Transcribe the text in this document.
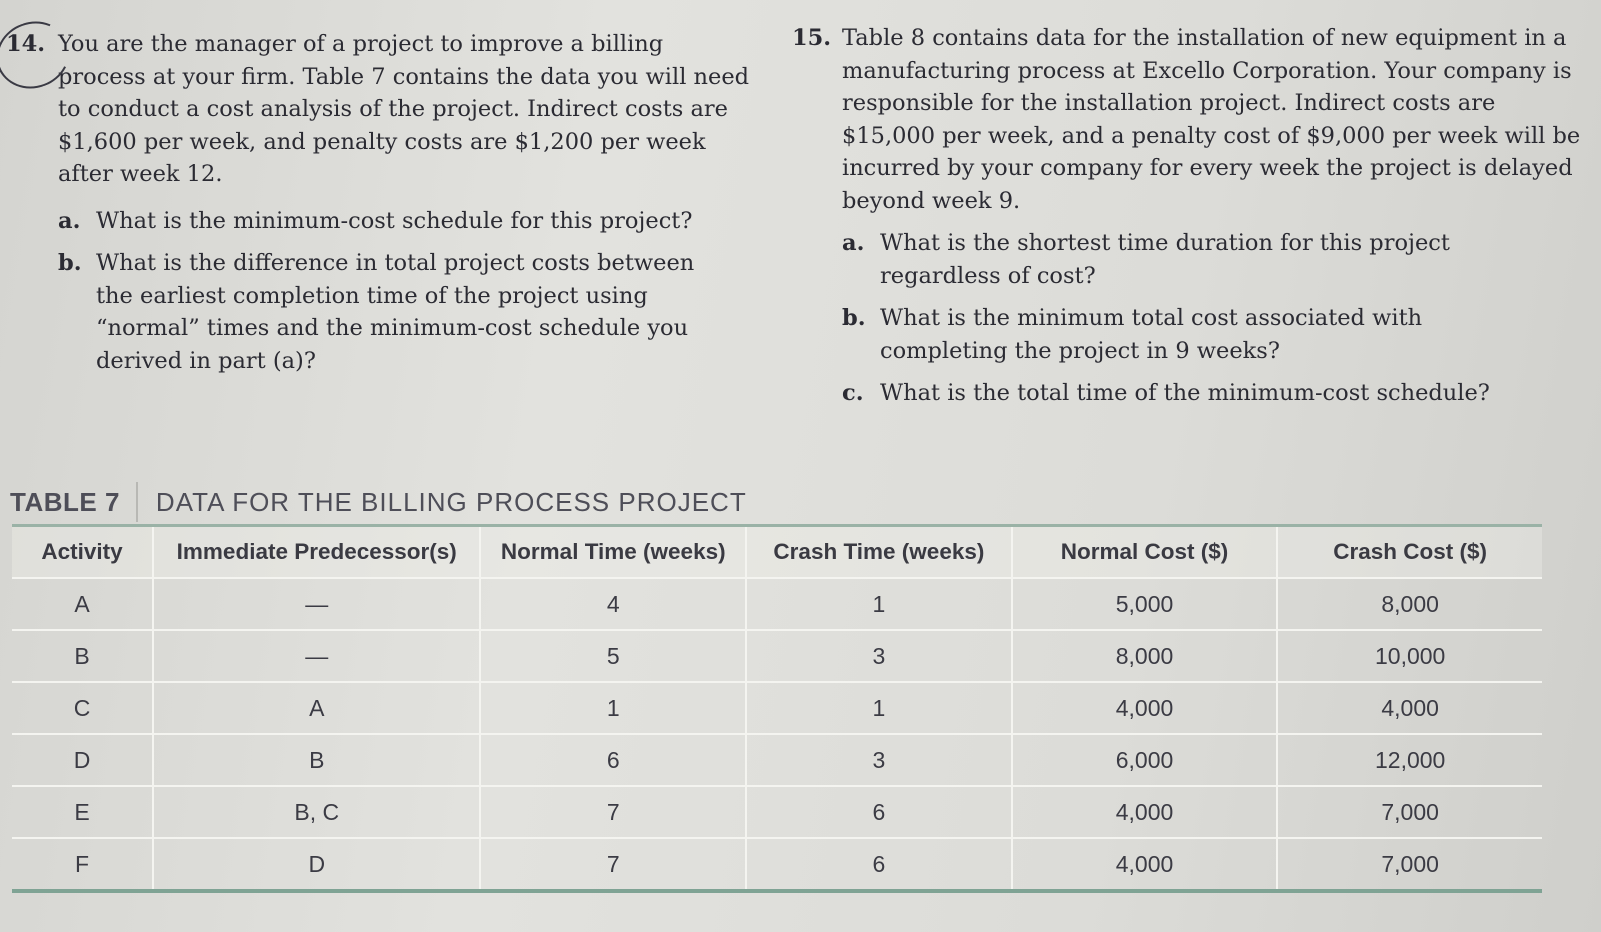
14. You are the manager of a project to improve a billing process at your firm. Table 7 contains the data you will need to conduct a cost analysis of the project. Indirect costs are $1,600 per week, and penalty costs are $1,200 per week after week 12.
a. What is the minimum-cost schedule for this project?
b. What is the difference in total project costs between the earliest completion time of the project using “normal” times and the minimum-cost schedule you derived in part (a)?
15. Table 8 contains data for the installation of new equipment in a manufacturing process at Excello Corporation. Your company is responsible for the installation project. Indirect costs are $15,000 per week, and a penalty cost of $9,000 per week will be incurred by your company for every week the project is delayed beyond week 9.
a. What is the shortest time duration for this project regardless of cost?
b. What is the minimum total cost associated with completing the project in 9 weeks?
c. What is the total time of the minimum-cost schedule?
TABLE 7	DATA FOR THE BILLING PROCESS PROJECT
Activity	Immediate Predecessor(s)	Normal Time (weeks)	Crash Time (weeks)	Normal Cost ($)	Crash Cost ($)
A	—	4	1	5,000	8,000
B	—	5	3	8,000	10,000
C	A	1	1	4,000	4,000
D	B	6	3	6,000	12,000
E	B, C	7	6	4,000	7,000
F	D	7	6	4,000	7,000
